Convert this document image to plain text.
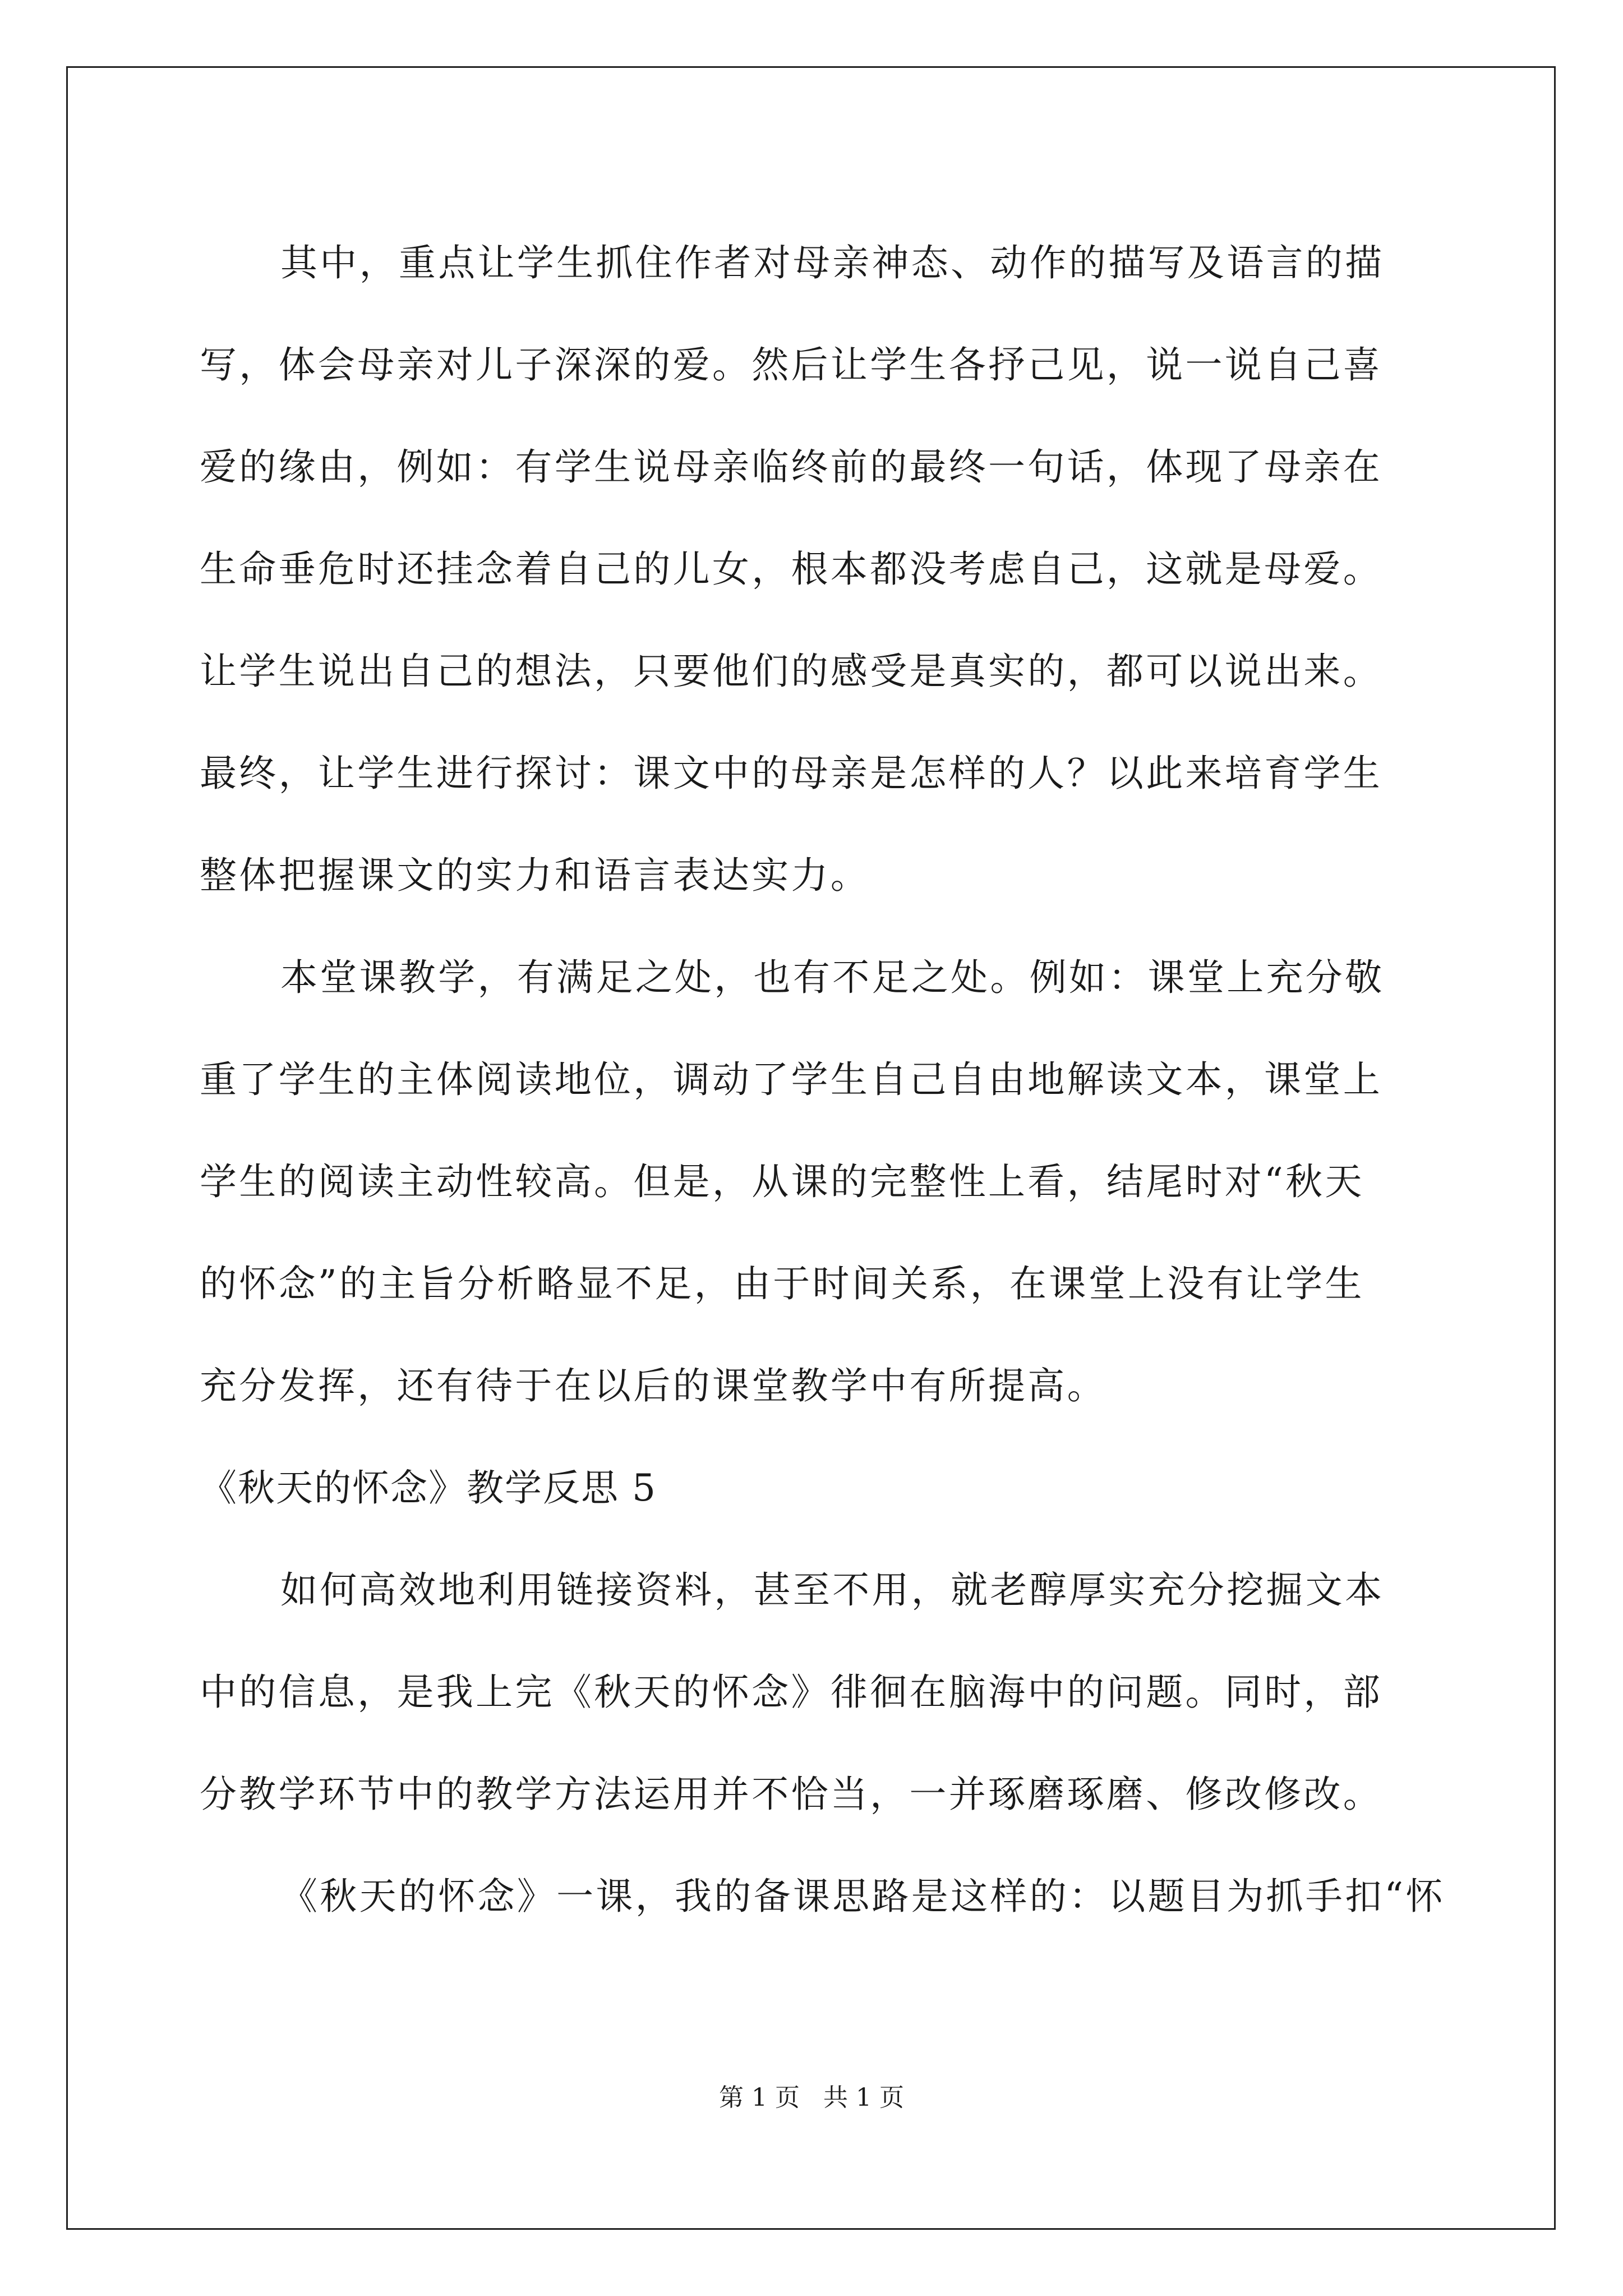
其中，重点让学生抓住作者对母亲神态、动作的描写及语言的描
写，体会母亲对儿子深深的爱。然后让学生各抒己见，说一说自己喜
爱的缘由，例如：有学生说母亲临终前的最终一句话，体现了母亲在
生命垂危时还挂念着自己的儿女，根本都没考虑自己，这就是母爱。
让学生说出自己的想法，只要他们的感受是真实的，都可以说出来。
最终，让学生进行探讨：课文中的母亲是怎样的人？以此来培育学生
整体把握课文的实力和语言表达实力。
本堂课教学，有满足之处，也有不足之处。例如：课堂上充分敬
重了学生的主体阅读地位，调动了学生自己自由地解读文本，课堂上
学生的阅读主动性较高。但是，从课的完整性上看，结尾时对“秋天
的怀念”的主旨分析略显不足，由于时间关系，在课堂上没有让学生
充分发挥，还有待于在以后的课堂教学中有所提高。
《秋天的怀念》教学反思 5
如何高效地利用链接资料，甚至不用，就老醇厚实充分挖掘文本
中的信息，是我上完《秋天的怀念》徘徊在脑海中的问题。同时，部
分教学环节中的教学方法运用并不恰当，一并琢磨琢磨、修改修改。
《秋天的怀念》一课，我的备课思路是这样的：以题目为抓手扣“怀
第 1 页 共 1 页
